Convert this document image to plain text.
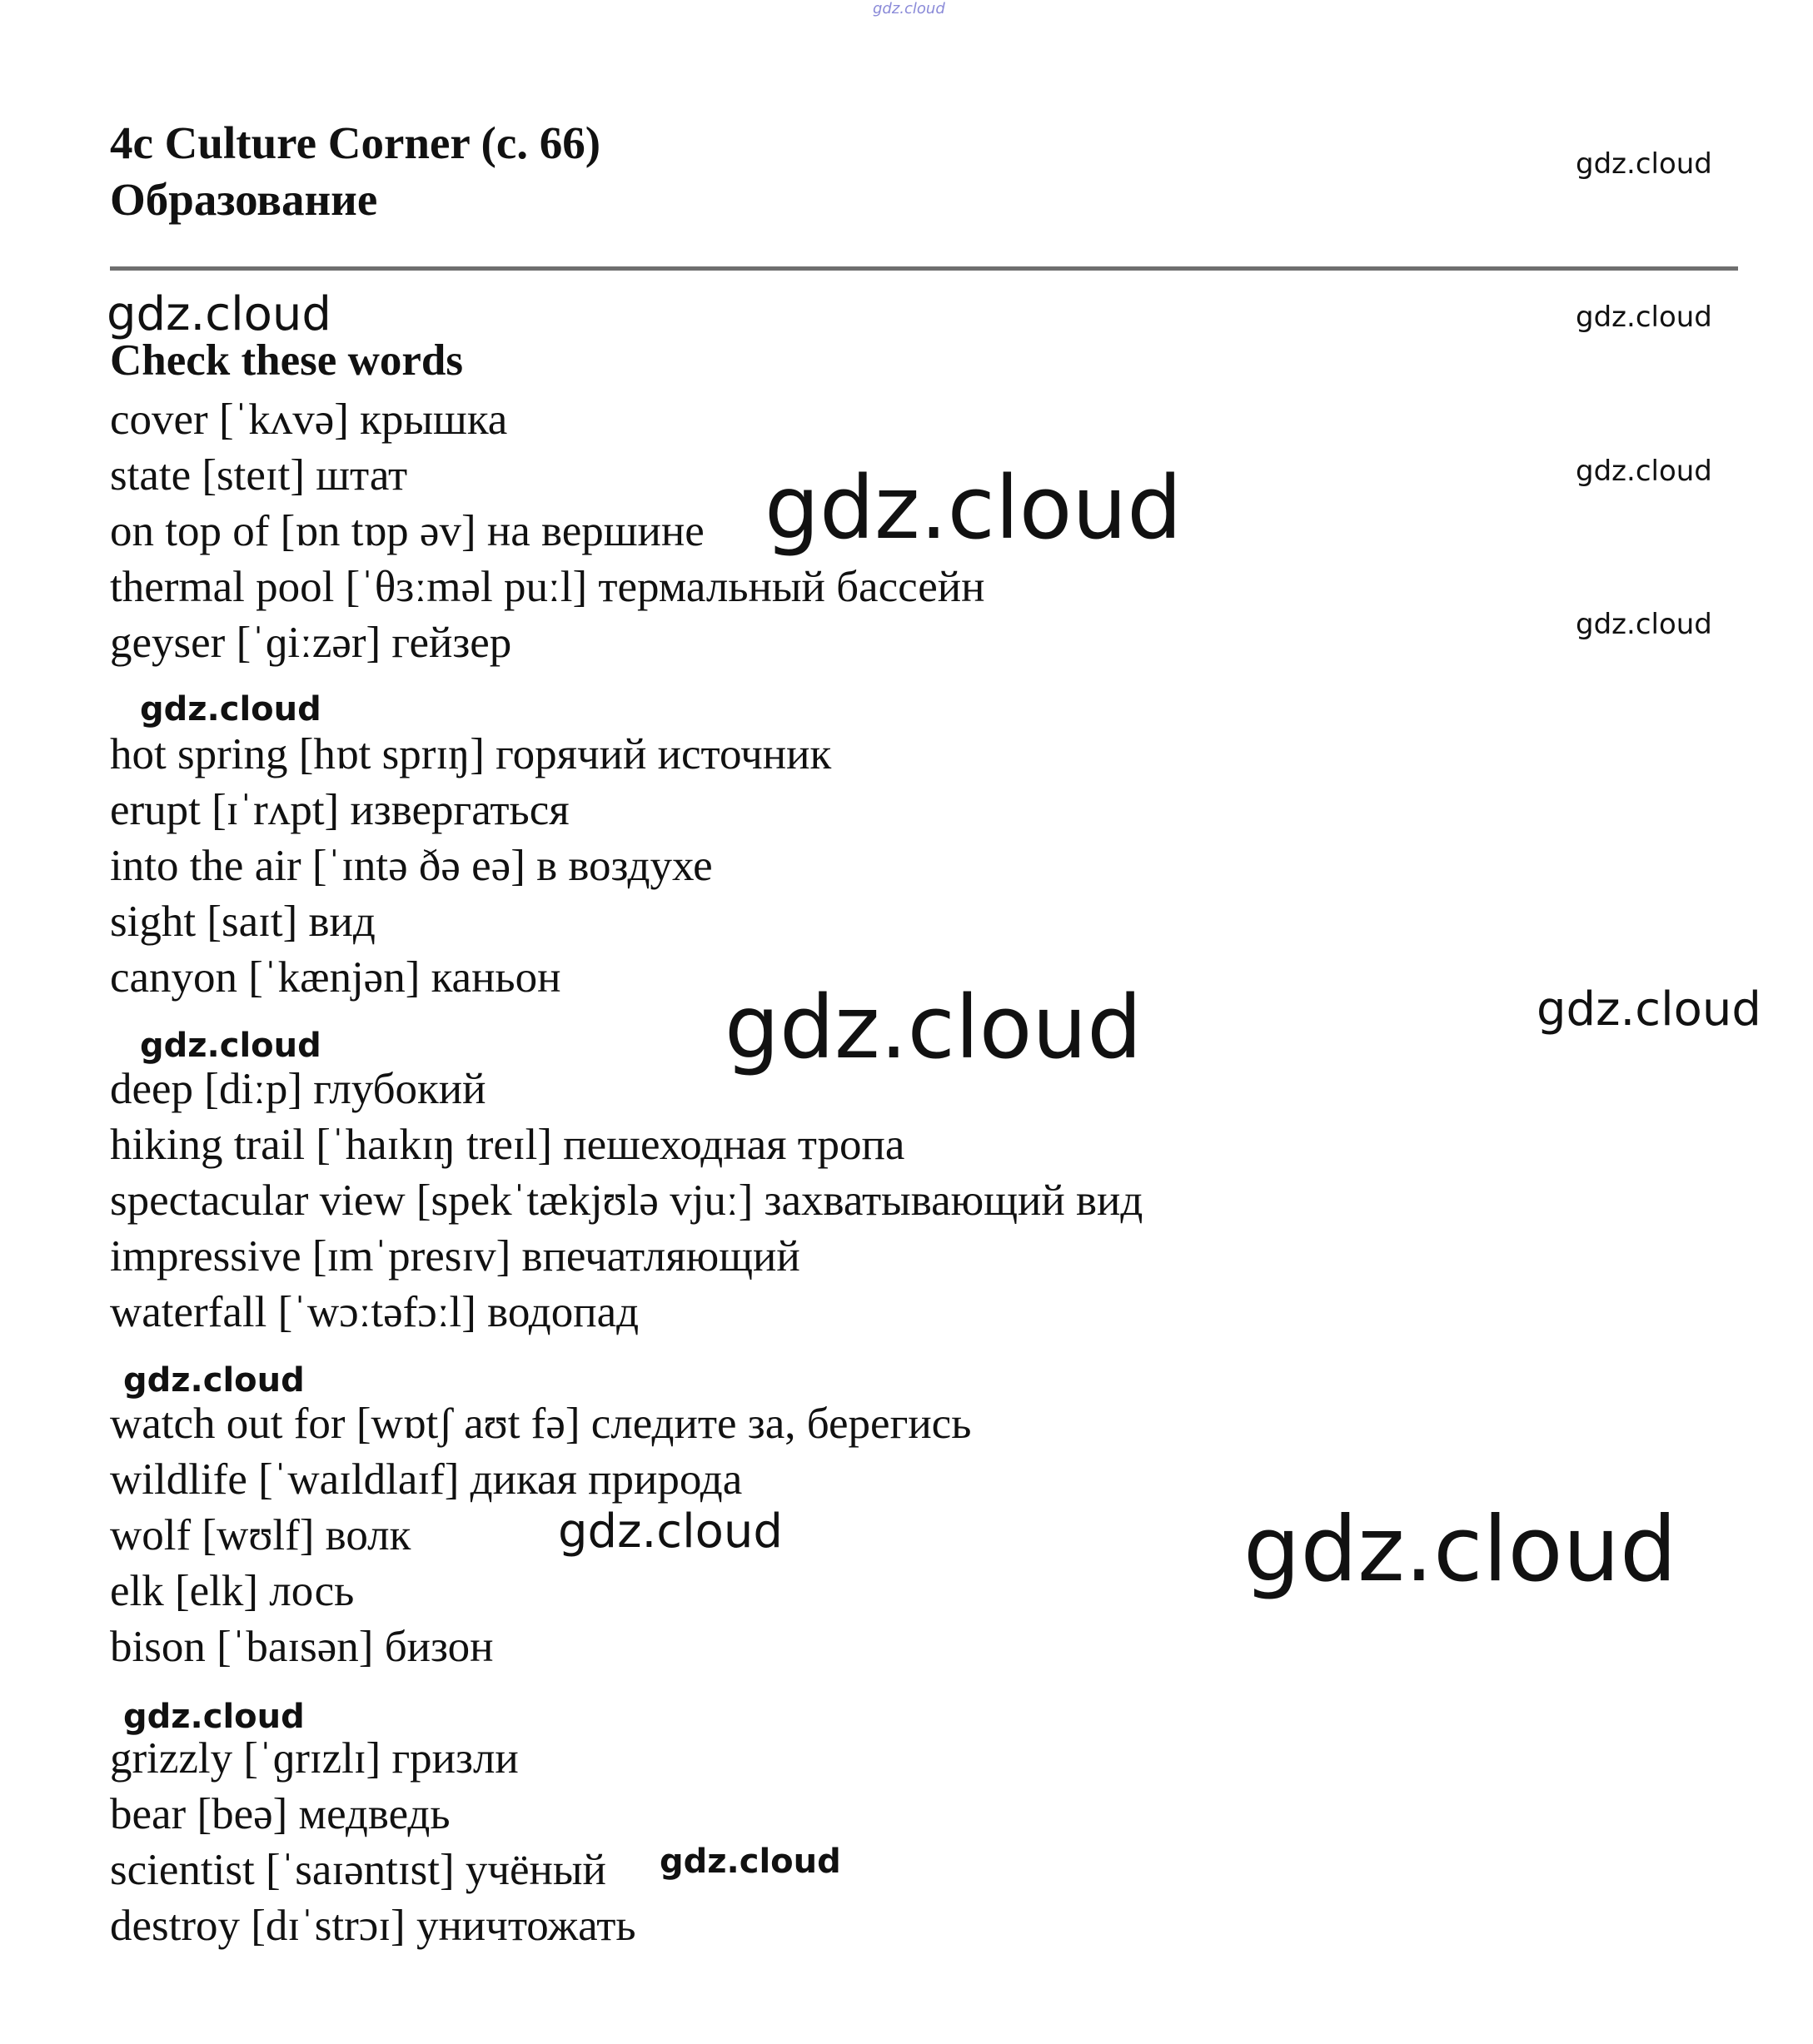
gdz.cloud
4c Culture Corner (с. 66)
Образование
Check these words
cover [ˈkʌvə] крышка
state [steɪt] штат
on top of [ɒn tɒp əv] на вершине
thermal pool [ˈθɜːməl puːl] термальный бассейн
geyser [ˈɡiːzər] гейзер
hot spring [hɒt sprɪŋ] горячий источник
erupt [ɪˈrʌpt] извергаться
into the air [ˈɪntə ðə eə] в воздухе
sight [saɪt] вид
canyon [ˈkænjən] каньон
deep [diːp] глубокий
hiking trail [ˈhaɪkɪŋ treɪl] пешеходная тропа
spectacular view [spekˈtækjʊlə vjuː] захватывающий вид
impressive [ɪmˈpresɪv] впечатляющий
waterfall [ˈwɔːtəfɔːl] водопад
watch out for [wɒtʃ aʊt fə] следите за, берегись
wildlife [ˈwaɪldlaɪf] дикая природа
wolf [wʊlf] волк
elk [elk] лось
bison [ˈbaɪsən] бизон
grizzly [ˈɡrɪzlɪ] гризли
bear [beə] медведь
scientist [ˈsaɪəntɪst] учёный
destroy [dɪˈstrɔɪ] уничтожать
gdz.cloud
gdz.cloud
gdz.cloud
gdz.cloud
gdz.cloud
gdz.cloud
gdz.cloud
gdz.cloud	gdz.cloud
gdz.cloud
gdz.cloud
gdz.cloud	gdz.cloud
gdz.cloud
gdz.cloud
